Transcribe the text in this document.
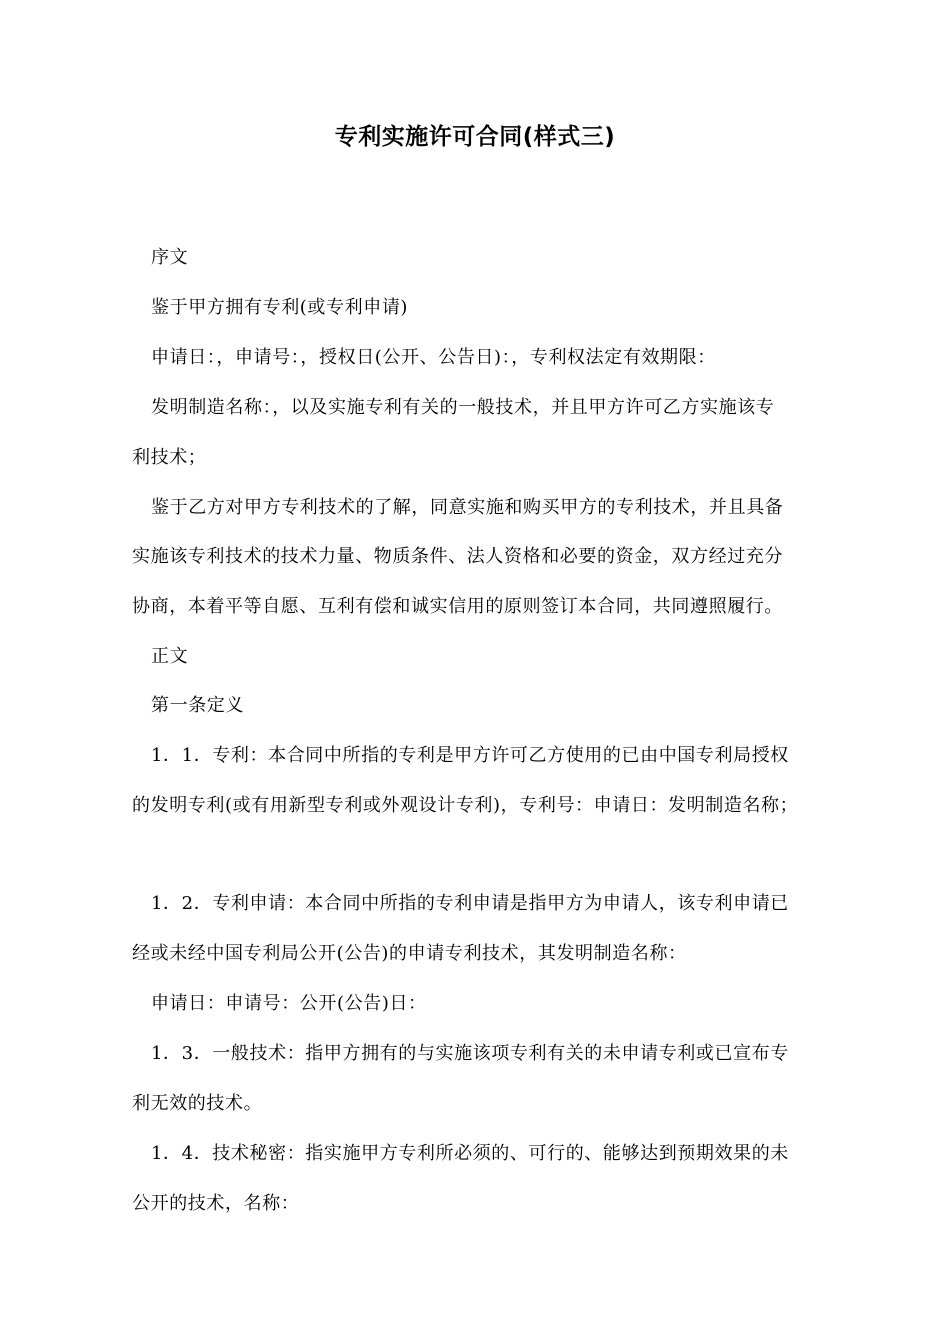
专利实施许可合同(样式三)
序文
鉴于甲方拥有专利(或专利申请)
申请日：，申请号：，授权日(公开、公告日)：，专利权法定有效期限：
发明制造名称：，以及实施专利有关的一般技术，并且甲方许可乙方实施该专
利技术；
鉴于乙方对甲方专利技术的了解，同意实施和购买甲方的专利技术，并且具备
实施该专利技术的技术力量、物质条件、法人资格和必要的资金，双方经过充分
协商，本着平等自愿、互利有偿和诚实信用的原则签订本合同，共同遵照履行。
正文
第一条定义
1．1．专利：本合同中所指的专利是甲方许可乙方使用的已由中国专利局授权
的发明专利(或有用新型专利或外观设计专利)，专利号：申请日：发明制造名称；
1．2．专利申请：本合同中所指的专利申请是指甲方为申请人，该专利申请已
经或未经中国专利局公开(公告)的申请专利技术，其发明制造名称：
申请日：申请号：公开(公告)日：
1．3．一般技术：指甲方拥有的与实施该项专利有关的未申请专利或已宣布专
利无效的技术。
1．4．技术秘密：指实施甲方专利所必须的、可行的、能够达到预期效果的未
公开的技术，名称：
